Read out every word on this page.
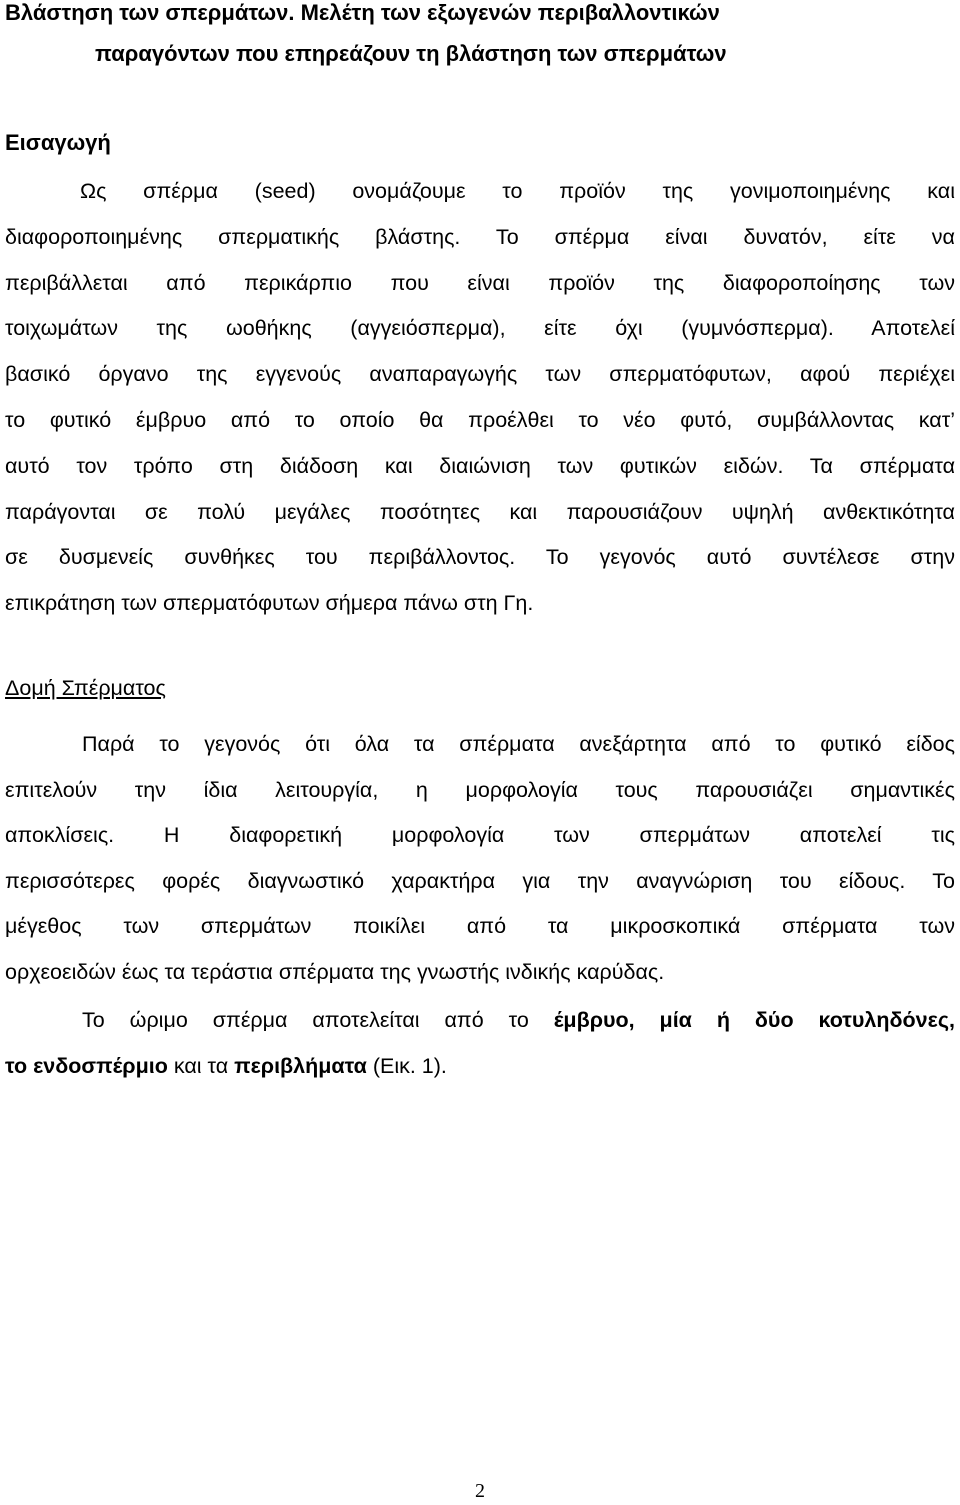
Βλάστηση των σπερμάτων. Μελέτη των εξωγενών περιβαλλοντικών
παραγόντων που επηρεάζουν τη βλάστηση των σπερμάτων
Εισαγωγή
Ως σπέρμα (seed) ονομάζουμε το προϊόν της γονιμοποιημένης και
διαφοροποιημένης σπερματικής βλάστης. Το σπέρμα είναι δυνατόν, είτε να
περιβάλλεται από περικάρπιο που είναι προϊόν της διαφοροποίησης των
τοιχωμάτων της ωοθήκης (αγγειόσπερμα), είτε όχι (γυμνόσπερμα). Αποτελεί
βασικό όργανο της εγγενούς αναπαραγωγής των σπερματόφυτων, αφού περιέχει
το φυτικό έμβρυο από το οποίο θα προέλθει το νέο φυτό, συμβάλλοντας κατ’
αυτό τον τρόπο στη διάδοση και διαιώνιση των φυτικών ειδών. Τα σπέρματα
παράγονται σε πολύ μεγάλες ποσότητες και παρουσιάζουν υψηλή ανθεκτικότητα
σε δυσμενείς συνθήκες του περιβάλλοντος. Το γεγονός αυτό συντέλεσε στην
επικράτηση των σπερματόφυτων σήμερα πάνω στη Γη.
Δομή Σπέρματος
Παρά το γεγονός ότι όλα τα σπέρματα ανεξάρτητα από το φυτικό είδος
επιτελούν την ίδια λειτουργία, η μορφολογία τους παρουσιάζει σημαντικές
αποκλίσεις. Η διαφορετική μορφολογία των σπερμάτων αποτελεί τις
περισσότερες φορές διαγνωστικό χαρακτήρα για την αναγνώριση του είδους. Το
μέγεθος των σπερμάτων ποικίλει από τα μικροσκοπικά σπέρματα των
ορχεοειδών έως τα τεράστια σπέρματα της γνωστής ινδικής καρύδας.
Το ώριμο σπέρμα αποτελείται από το έμβρυο, μία ή δύο κοτυληδόνες,
το ενδοσπέρμιο και τα περιβλήματα (Εικ. 1).
2
